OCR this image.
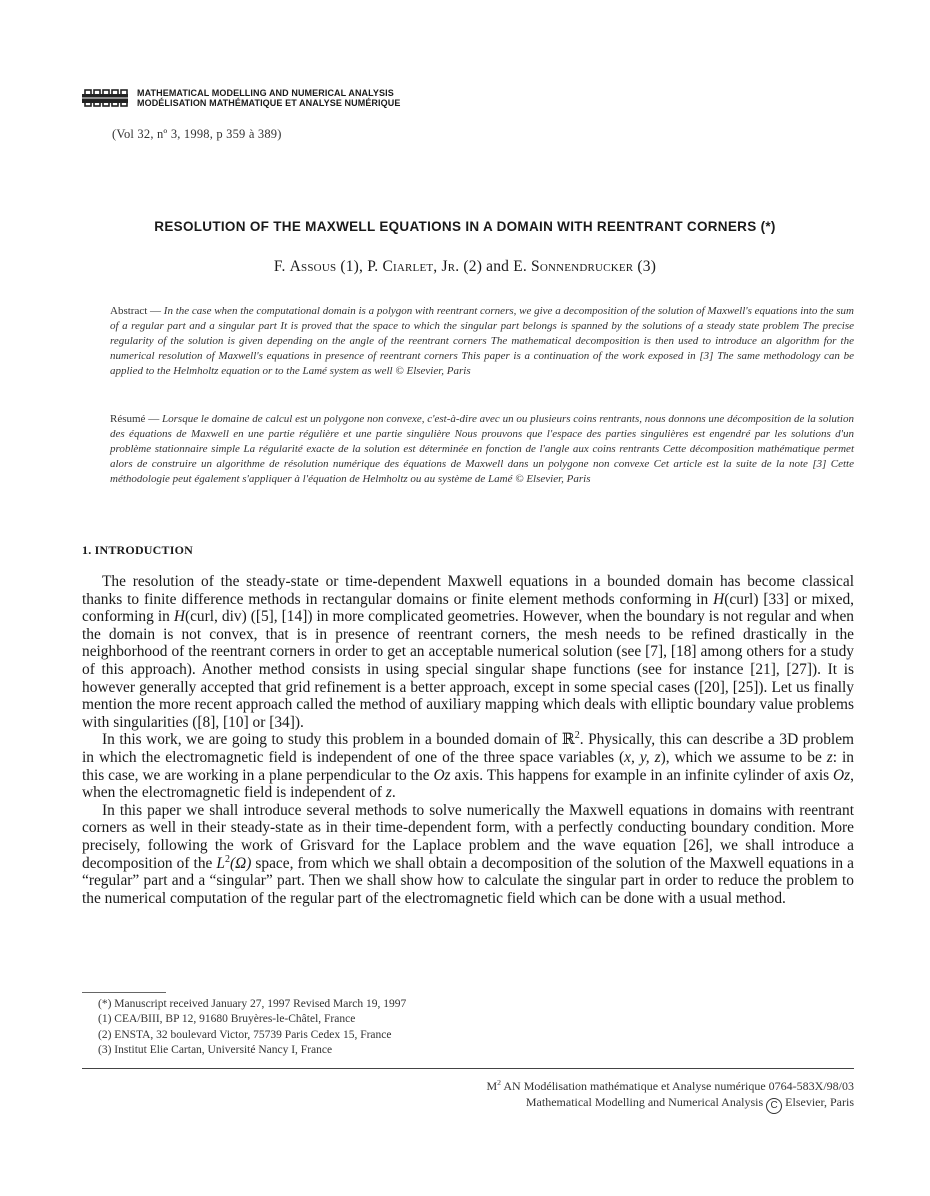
MATHEMATICAL MODELLING AND NUMERICAL ANALYSIS
MODÉLISATION MATHÉMATIQUE ET ANALYSE NUMÉRIQUE
(Vol 32, nº 3, 1998, p 359 à 389)
RESOLUTION OF THE MAXWELL EQUATIONS IN A DOMAIN WITH REENTRANT CORNERS (*)
F. Assous (1), P. Ciarlet, Jr. (2) and E. Sonnendrucker (3)
Abstract — In the case when the computational domain is a polygon with reentrant corners, we give a decomposition of the solution of Maxwell's equations into the sum of a regular part and a singular part It is proved that the space to which the singular part belongs is spanned by the solutions of a steady state problem The precise regularity of the solution is given depending on the angle of the reentrant corners The mathematical decomposition is then used to introduce an algorithm for the numerical resolution of Maxwell's equations in presence of reentrant corners This paper is a continuation of the work exposed in [3] The same methodology can be applied to the Helmholtz equation or to the Lamé system as well © Elsevier, Paris
Résumé — Lorsque le domaine de calcul est un polygone non convexe, c'est-à-dire avec un ou plusieurs coins rentrants, nous donnons une décomposition de la solution des équations de Maxwell en une partie régulière et une partie singulière Nous prouvons que l'espace des parties singulières est engendré par les solutions d'un problème stationnaire simple La régularité exacte de la solution est déterminée en fonction de l'angle aux coins rentrants Cette décomposition mathématique permet alors de construire un algorithme de résolution numérique des équations de Maxwell dans un polygone non convexe Cet article est la suite de la note [3] Cette méthodologie peut également s'appliquer à l'équation de Helmholtz ou au système de Lamé © Elsevier, Paris
1. INTRODUCTION

The resolution of the steady-state or time-dependent Maxwell equations in a bounded domain has become classical thanks to finite difference methods in rectangular domains or finite element methods conforming in H(curl) [33] or mixed, conforming in H(curl, div) ([5], [14]) in more complicated geometries. However, when the boundary is not regular and when the domain is not convex, that is in presence of reentrant corners, the mesh needs to be refined drastically in the neighborhood of the reentrant corners in order to get an acceptable numerical solution (see [7], [18] among others for a study of this approach). Another method consists in using special singular shape functions (see for instance [21], [27]). It is however generally accepted that grid refinement is a better approach, except in some special cases ([20], [25]). Let us finally mention the more recent approach called the method of auxiliary mapping which deals with elliptic boundary value problems with singularities ([8], [10] or [34]).

In this work, we are going to study this problem in a bounded domain of ℝ$^2$. Physically, this can describe a 3D problem in which the electromagnetic field is independent of one of the three space variables (x, y, z), which we assume to be z: in this case, we are working in a plane perpendicular to the Oz axis. This happens for example in an infinite cylinder of axis Oz, when the electromagnetic field is independent of z.

In this paper we shall introduce several methods to solve numerically the Maxwell equations in domains with reentrant corners as well in their steady-state as in their time-dependent form, with a perfectly conducting boundary condition. More precisely, following the work of Grisvard for the Laplace problem and the wave equation [26], we shall introduce a decomposition of the $L^2(\Omega)$ space, from which we shall obtain a decomposition of the solution of the Maxwell equations in a “regular” part and a “singular” part. Then we shall show how to calculate the singular part in order to reduce the problem to the numerical computation of the regular part of the electromagnetic field which can be done with a usual method.

(*) Manuscript received January 27, 1997 Revised March 19, 1997
(1) CEA/BIII, BP 12, 91680 Bruyères-le-Châtel, France
(2) ENSTA, 32 boulevard Victor, 75739 Paris Cedex 15, France
(3) Institut Elie Cartan, Université Nancy I, France
$M^2$ AN Modélisation mathématique et Analyse numérique 0764-583X/98/03
Mathematical Modelling and Numerical Analysis C Elsevier, Paris
